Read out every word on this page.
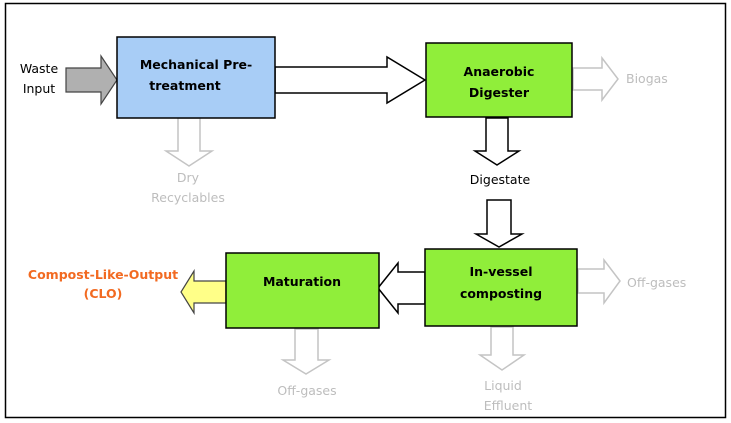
Mechanical Pre-
treatment
Anaerobic
Digester
In-vessel
composting
Maturation
Waste
Input
Dry
Recyclables
Biogas
Digestate
Off-gases
Off-gases	Liquid
Effluent
Compost-Like-Output
(CLO)
